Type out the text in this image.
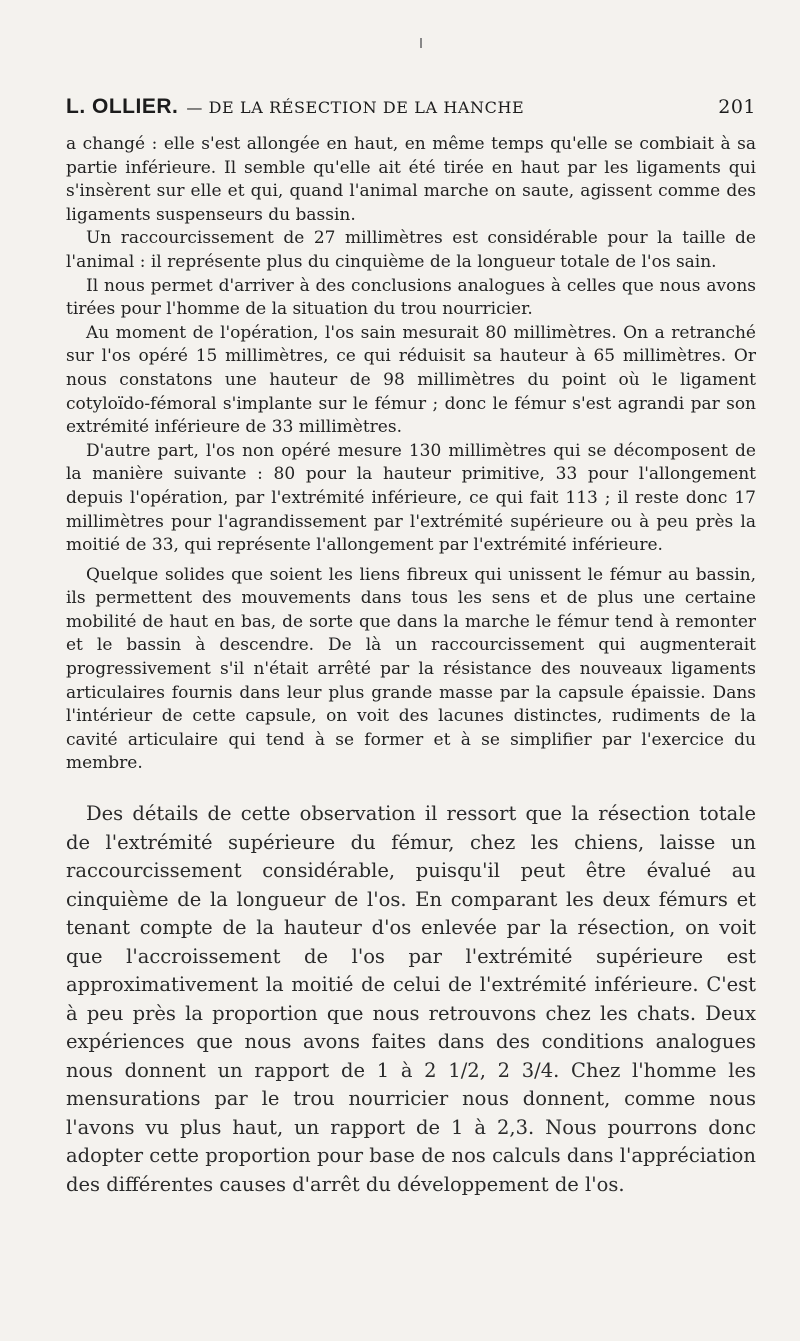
L. OLLIER. — DE LA RÉSECTION DE LA HANCHE	201

a changé : elle s'est allongée en haut, en même temps qu'elle se combiait à sa partie inférieure. Il semble qu'elle ait été tirée en haut par les ligaments qui s'insèrent sur elle et qui, quand l'animal marche on saute, agissent comme des ligaments suspenseurs du bassin.

Un raccourcissement de 27 millimètres est considérable pour la taille de l'animal : il représente plus du cinquième de la longueur totale de l'os sain.

Il nous permet d'arriver à des conclusions analogues à celles que nous avons tirées pour l'homme de la situation du trou nourricier.

Au moment de l'opération, l'os sain mesurait 80 millimètres. On a retranché sur l'os opéré 15 millimètres, ce qui réduisit sa hauteur à 65 millimètres. Or nous constatons une hauteur de 98 millimètres du point où le ligament cotyloïdo-fémoral s'implante sur le fémur ; donc le fémur s'est agrandi par son extrémité inférieure de 33 millimètres.

D'autre part, l'os non opéré mesure 130 millimètres qui se décomposent de la manière suivante : 80 pour la hauteur primitive, 33 pour l'allongement depuis l'opération, par l'extrémité inférieure, ce qui fait 113 ; il reste donc 17 millimètres pour l'agrandissement par l'extrémité supérieure ou à peu près la moitié de 33, qui représente l'allongement par l'extrémité inférieure.

Quelque solides que soient les liens fibreux qui unissent le fémur au bassin, ils permettent des mouvements dans tous les sens et de plus une certaine mobilité de haut en bas, de sorte que dans la marche le fémur tend à remonter et le bassin à descendre. De là un raccourcissement qui augmenterait progressivement s'il n'était arrêté par la résistance des nouveaux ligaments articulaires fournis dans leur plus grande masse par la capsule épaissie. Dans l'intérieur de cette capsule, on voit des lacunes distinctes, rudiments de la cavité articulaire qui tend à se former et à se simplifier par l'exercice du membre.

Des détails de cette observation il ressort que la résection totale de l'extrémité supérieure du fémur, chez les chiens, laisse un raccourcissement considérable, puisqu'il peut être évalué au cinquième de la longueur de l'os. En comparant les deux fémurs et tenant compte de la hauteur d'os enlevée par la résection, on voit que l'accroissement de l'os par l'extrémité supérieure est approximativement la moitié de celui de l'extrémité inférieure. C'est à peu près la proportion que nous retrouvons chez les chats. Deux expériences que nous avons faites dans des conditions analogues nous donnent un rapport de 1 à 2 1/2, 2 3/4. Chez l'homme les mensurations par le trou nourricier nous donnent, comme nous l'avons vu plus haut, un rapport de 1 à 2,3. Nous pourrons donc adopter cette proportion pour base de nos calculs dans l'appréciation des différentes causes d'arrêt du développement de l'os.
